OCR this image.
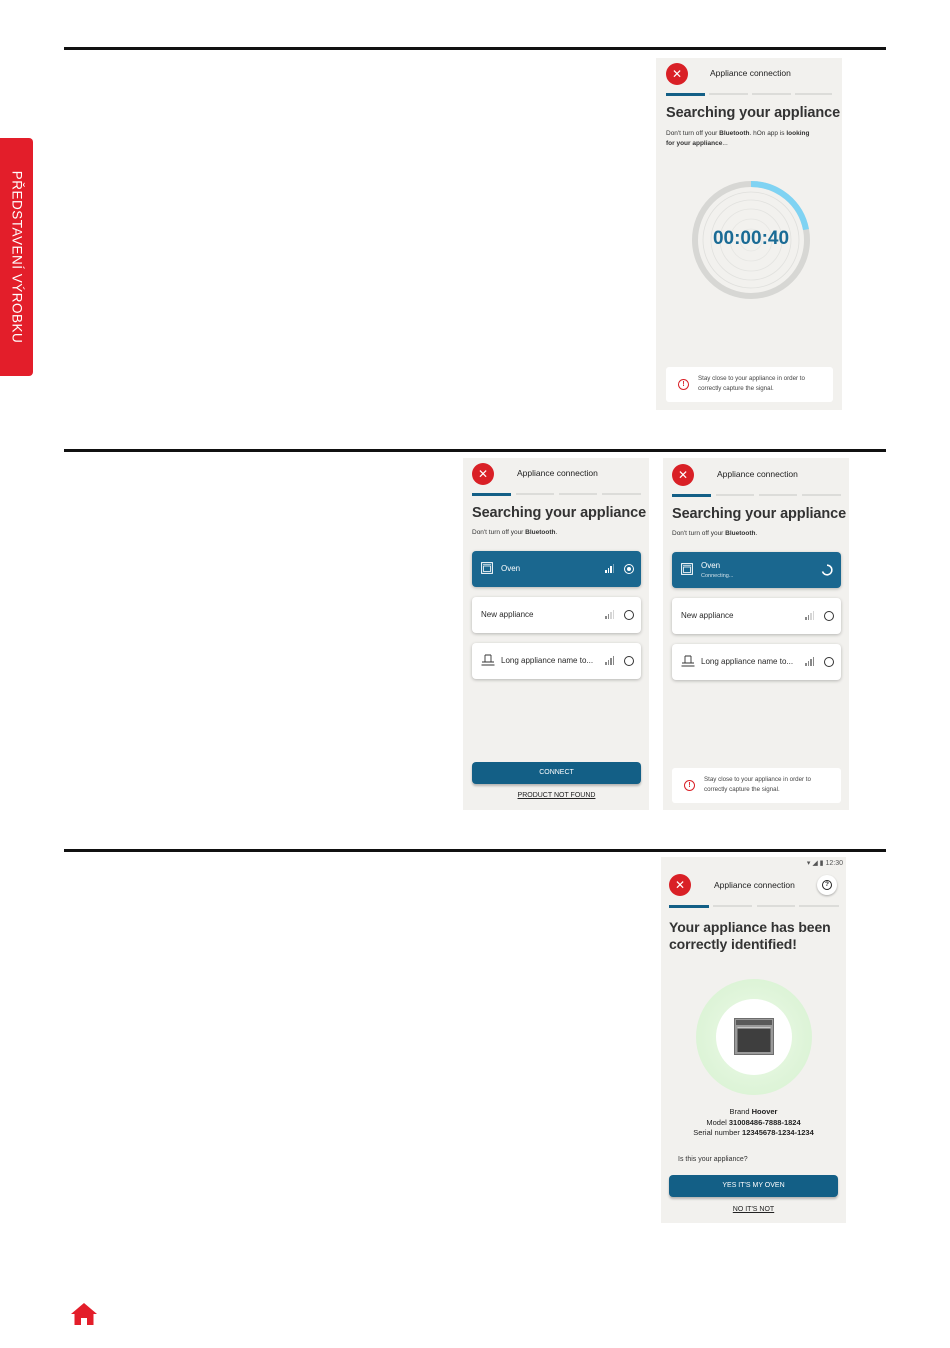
PŘEDSTAVENÍ VÝROBKU
✕	Appliance connection
Searching your appliance
Don't turn off your Bluetooth. hOn app is looking
for your appliance...
00:00:40
!
Stay close to your appliance in order to correctly capture the signal.
✕	Appliance connection
Searching your appliance
Don't turn off your Bluetooth.
Oven
New appliance
Long appliance name to...
CONNECT
PRODUCT NOT FOUND
✕	Appliance connection
Searching your appliance
Don't turn off your Bluetooth.
Oven
Connecting...
New appliance
Long appliance name to...
!
Stay close to your appliance in order to correctly capture the signal.
▾ ◢ ▮ 12:30
✕	Appliance connection	?
Your appliance has been
correctly identified!
Brand Hoover
Model 31008486-7888-1824
Serial number 12345678-1234-1234
Is this your appliance?
YES IT'S MY OVEN
NO IT'S NOT
